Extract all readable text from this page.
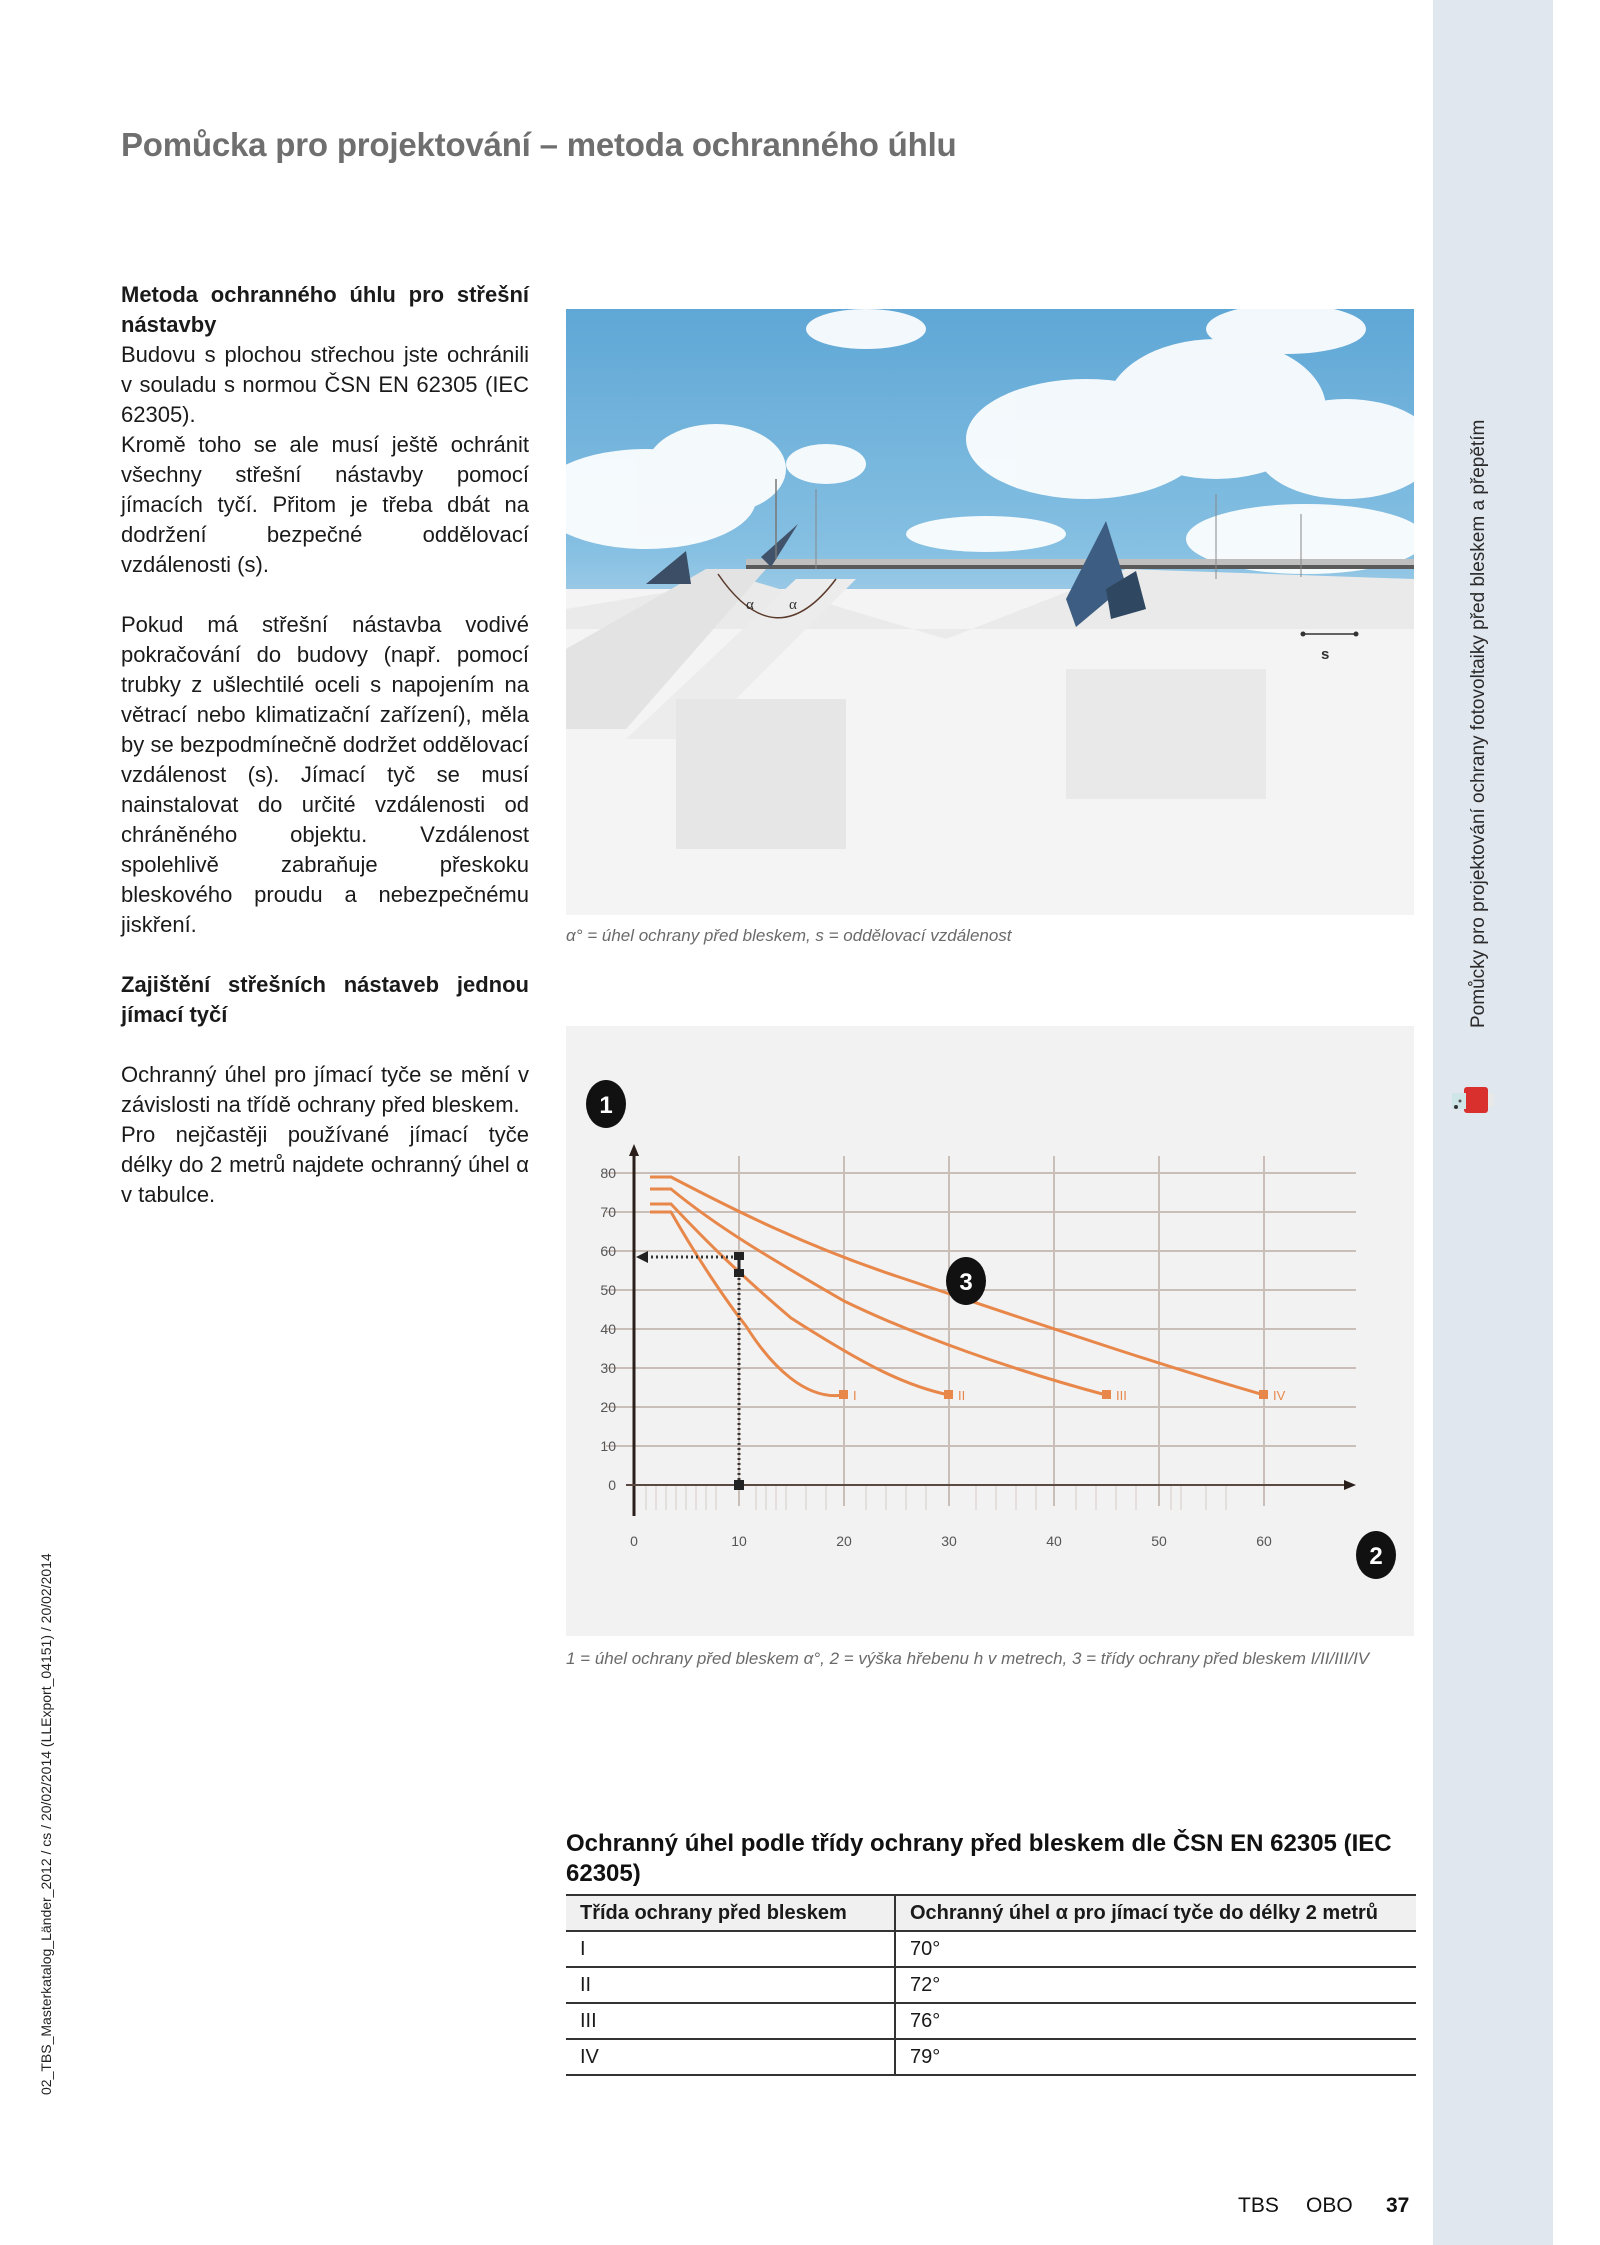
Pomůcky pro projektování ochrany fotovoltaiky před bleskem a přepětím
02_TBS_Masterkatalog_Länder_2012 / cs / 20/02/2014 (LLExport_04151) / 20/02/2014
Pomůcka pro projektování – metoda ochranného úhlu
Metoda ochranného úhlu pro střešní nástavby

Budovu s plochou střechou jste ochránili v souladu s normou ČSN EN 62305 (IEC 62305).

Kromě toho se ale musí ještě ochránit všechny střešní nástavby pomocí jímacích tyčí. Přitom je třeba dbát na dodržení bezpečné oddělovací vzdálenosti (s).

Pokud má střešní nástavba vodivé pokračování do budovy (např. pomocí trubky z ušlechtilé oceli s napojením na větrací nebo klimatizační zařízení), měla by se bezpodmínečně dodržet oddělovací vzdálenost (s). Jímací tyč se musí nainstalovat do určité vzdálenosti od chráněného objektu. Vzdálenost spolehlivě zabraňuje přeskoku bleskového proudu a nebezpečnému jiskření.

Zajištění střešních nástaveb jednou jímací tyčí

Ochranný úhel pro jímací tyče se mění v závislosti na třídě ochrany před bleskem.

Pro nejčastěji používané jímací tyče délky do 2 metrů najdete ochranný úhel α v tabulce.

α α
s
α° = úhel ochrany před bleskem, s = oddělovací vzdálenost
80
70
60
50
40
30
20
10
0
0	10	20	30	40	50	60
I	II	III	IV
1
2
3
1 = úhel ochrany před bleskem α°, 2 = výška hřebenu h v metrech, 3 = třídy ochrany před bleskem I/II/III/IV
Ochranný úhel podle třídy ochrany před bleskem dle ČSN EN 62305 (IEC 62305)
Třída ochrany před bleskem	Ochranný úhel α pro jímací tyče do délky 2 metrů
I	70°
II	72°
III	76°
IV	79°
TBS OBO 37
